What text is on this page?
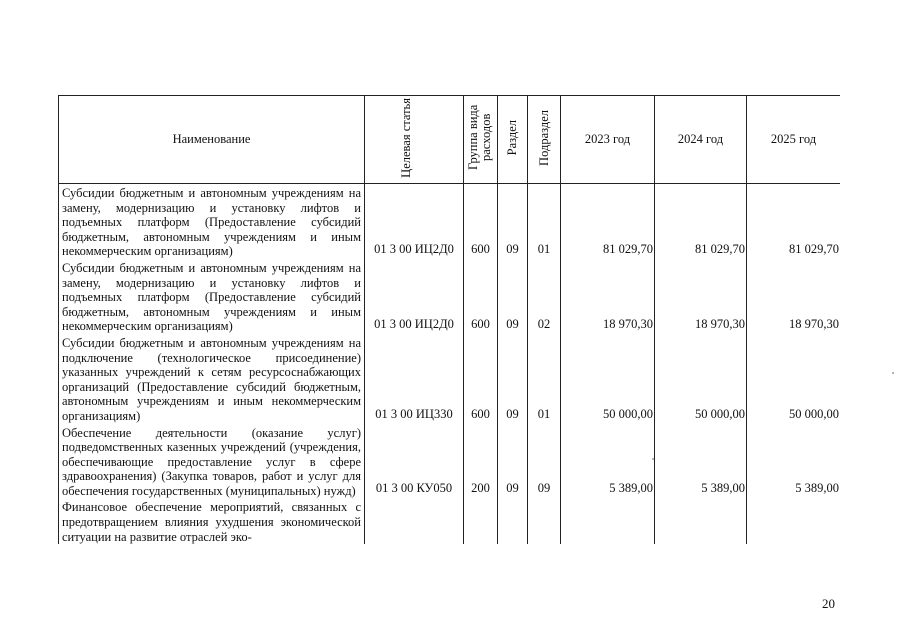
Наименование	Целевая статья	Группа вида расходов	Раздел	Подраздел	2023 год	2024 год	2025 год
Субсидии бюджетным и автономным учреждениям на замену, модернизацию и установку лифтов и подъемных платформ (Предоставление субсидий бюджетным, автономным учреждениям и иным некоммерческим организациям)	01 3 00 ИЦ2Д0	600	09	01	81 029,70	81 029,70	81 029,70
Субсидии бюджетным и автономным учреждениям на замену, модернизацию и установку лифтов и подъемных платформ (Предоставление субсидий бюджетным, автономным учреждениям и иным некоммерческим организациям)	01 3 00 ИЦ2Д0	600	09	02	18 970,30	18 970,30	18 970,30
Субсидии бюджетным и автономным учреждениям на подключение (технологическое присоединение) указанных учреждений к сетям ресурсоснабжающих организаций (Предоставление субсидий бюджетным, автономным учреждениям и иным некоммерческим организациям)	01 3 00 ИЦ330	600	09	01	50 000,00	50 000,00	50 000,00
Обеспечение деятельности (оказание услуг) подведомственных казенных учреждений (учреждения, обеспечивающие предоставление услуг в сфере здравоохранения) (Закупка товаров, работ и услуг для обеспечения государственных (муниципальных) нужд)	01 3 00 КУ050	200	09	09	5 389,00	5 389,00	5 389,00
Финансовое обеспечение мероприятий, связанных с предотвращением влияния ухудшения экономической ситуации на развитие отраслей эко-							
20
